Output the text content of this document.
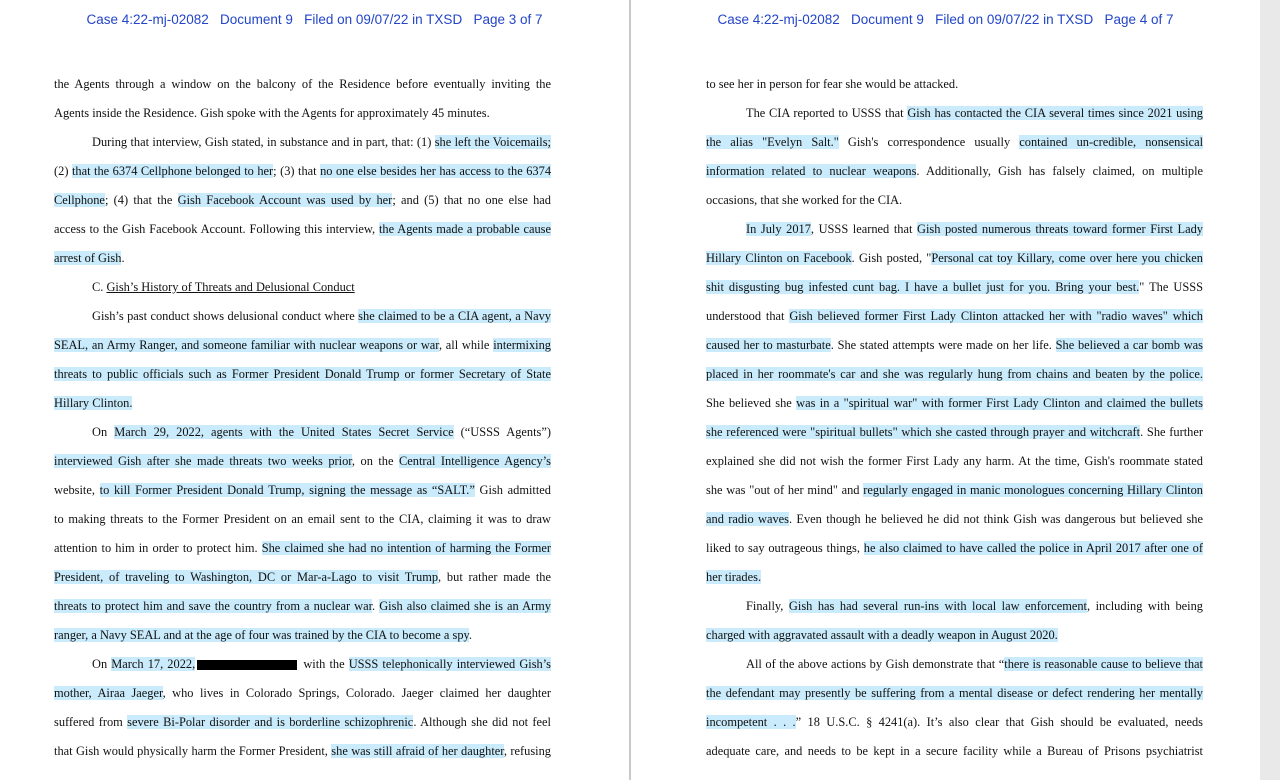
Case 4:22-mj-02082   Document 9   Filed on 09/07/22 in TXSD   Page 3 of 7
the Agents through a window on the balcony of the Residence before eventually inviting the
Agents inside the Residence. Gish spoke with the Agents for approximately 45 minutes.
During that interview, Gish stated, in substance and in part, that: (1) she left the Voicemails;
(2) that the 6374 Cellphone belonged to her; (3) that no one else besides her has access to the 6374
Cellphone; (4) that the Gish Facebook Account was used by her; and (5) that no one else had
access to the Gish Facebook Account. Following this interview, the Agents made a probable cause
arrest of Gish.
C. Gish’s History of Threats and Delusional Conduct
Gish’s past conduct shows delusional conduct where she claimed to be a CIA agent, a Navy
SEAL, an Army Ranger, and someone familiar with nuclear weapons or war, all while intermixing
threats to public officials such as Former President Donald Trump or former Secretary of State
Hillary Clinton.
On March 29, 2022, agents with the United States Secret Service (“USSS Agents”)
interviewed Gish after she made threats two weeks prior, on the Central Intelligence Agency’s
website, to kill Former President Donald Trump, signing the message as “SALT.” Gish admitted
to making threats to the Former President on an email sent to the CIA, claiming it was to draw
attention to him in order to protect him. She claimed she had no intention of harming the Former
President, of traveling to Washington, DC or Mar-a-Lago to visit Trump, but rather made the
threats to protect him and save the country from a nuclear war. Gish also claimed she is an Army
ranger, a Navy SEAL and at the age of four was trained by the CIA to become a spy.
On March 17, 2022,	with the USSS telephonically interviewed Gish’s
mother, Airaa Jaeger, who lives in Colorado Springs, Colorado. Jaeger claimed her daughter
suffered from severe Bi-Polar disorder and is borderline schizophrenic. Although she did not feel
that Gish would physically harm the Former President, she was still afraid of her daughter, refusing
Case 4:22-mj-02082   Document 9   Filed on 09/07/22 in TXSD   Page 4 of 7
to see her in person for fear she would be attacked.
The CIA reported to USSS that Gish has contacted the CIA several times since 2021 using
the alias "Evelyn Salt." Gish's correspondence usually contained un-credible, nonsensical
information related to nuclear weapons. Additionally, Gish has falsely claimed, on multiple
occasions, that she worked for the CIA.
In July 2017, USSS learned that Gish posted numerous threats toward former First Lady
Hillary Clinton on Facebook. Gish posted, "Personal cat toy Killary, come over here you chicken
shit disgusting bug infested cunt bag. I have a bullet just for you. Bring your best." The USSS
understood that Gish believed former First Lady Clinton attacked her with "radio waves" which
caused her to masturbate. She stated attempts were made on her life. She believed a car bomb was
placed in her roommate's car and she was regularly hung from chains and beaten by the police.
She believed she was in a "spiritual war" with former First Lady Clinton and claimed the bullets
she referenced were "spiritual bullets" which she casted through prayer and witchcraft. She further
explained she did not wish the former First Lady any harm. At the time, Gish's roommate stated
she was "out of her mind" and regularly engaged in manic monologues concerning Hillary Clinton
and radio waves. Even though he believed he did not think Gish was dangerous but believed she
liked to say outrageous things, he also claimed to have called the police in April 2017 after one of
her tirades.
Finally, Gish has had several run-ins with local law enforcement, including with being
charged with aggravated assault with a deadly weapon in August 2020.
All of the above actions by Gish demonstrate that “there is reasonable cause to believe that
the defendant may presently be suffering from a mental disease or defect rendering her mentally
incompetent . . .” 18 U.S.C. § 4241(a). It’s also clear that Gish should be evaluated, needs
adequate care, and needs to be kept in a secure facility while a Bureau of Prisons psychiatrist
